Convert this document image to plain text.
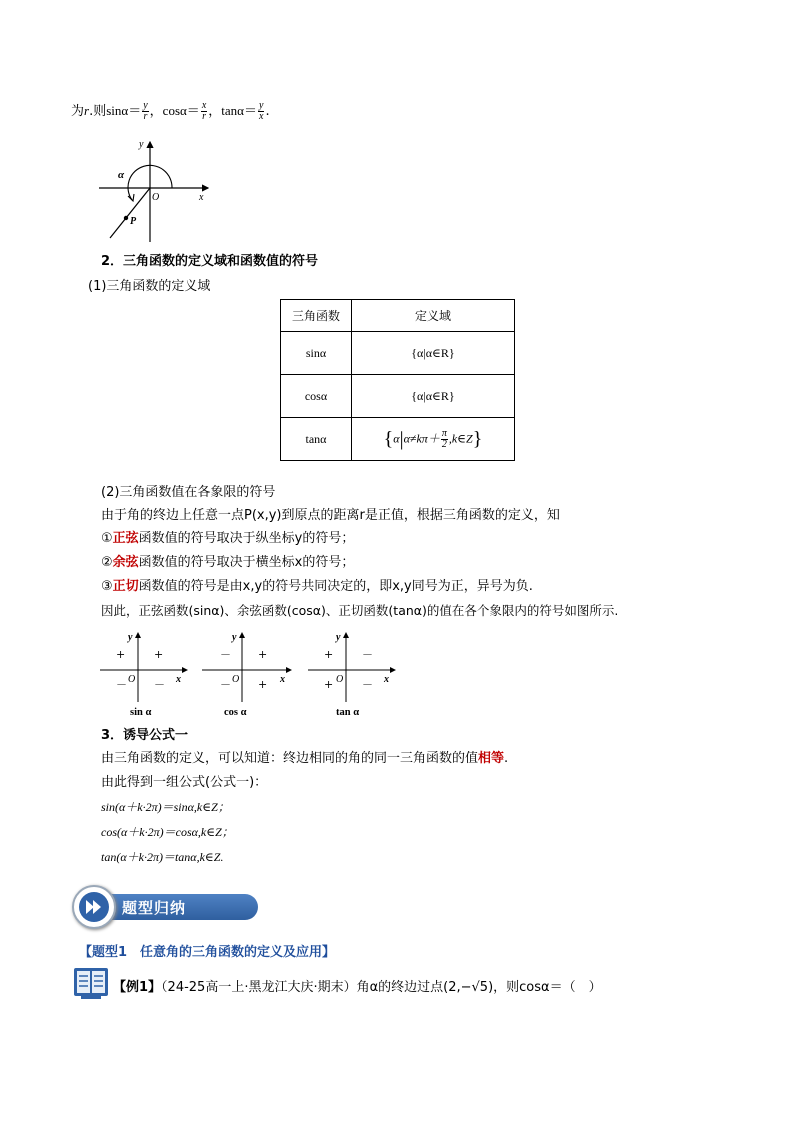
为r.则$\sin\alpha= \frac{y}{r}$ ，$\cos\alpha= \frac{x}{r}$ ，$\tan\alpha= \frac{y}{x}$ .
y
x
O
α
P
2．三角函数的定义域和函数值的符号
(1)三角函数的定义域
三角函数	定义域
sinα	{α|α∈R}
cosα	{α|α∈R}
tanα	{$\alpha|\alpha\ne k\pi+ \frac{\pi}{2}$ ,k∈Z}
(2)三角函数值在各象限的符号
由于角的终边上任意一点P(x,y)到原点的距离r是正值，根据三角函数的定义，知
①正弦函数值的符号取决于纵坐标y的符号；
②余弦函数值的符号取决于横坐标x的符号；
③正切函数值的符号是由x,y的符号共同决定的，即x,y同号为正，异号为负.
因此，正弦函数(sinα)、余弦函数(cosα)、正切函数(tanα)的值在各个象限内的符号如图所示.
y
x
O
+	+
－ －
sin α
y
x
O
－ +
－ +
cos α
y
x
O
+	－
+	－
tan α
3．诱导公式一
由三角函数的定义，可以知道：终边相同的角的同一三角函数的值相等.
由此得到一组公式(公式一)：
sin(α＋k·2π)＝sinα,k∈Z；
cos(α＋k·2π)＝cosα,k∈Z；
tan(α＋k·2π)＝tanα,k∈Z.
题型归纳
【题型1　任意角的三角函数的定义及应用】
【例1】（24-25高一上·黑龙江大庆·期末）角α的终边过点(2,−√5)，则cosα＝（　）
